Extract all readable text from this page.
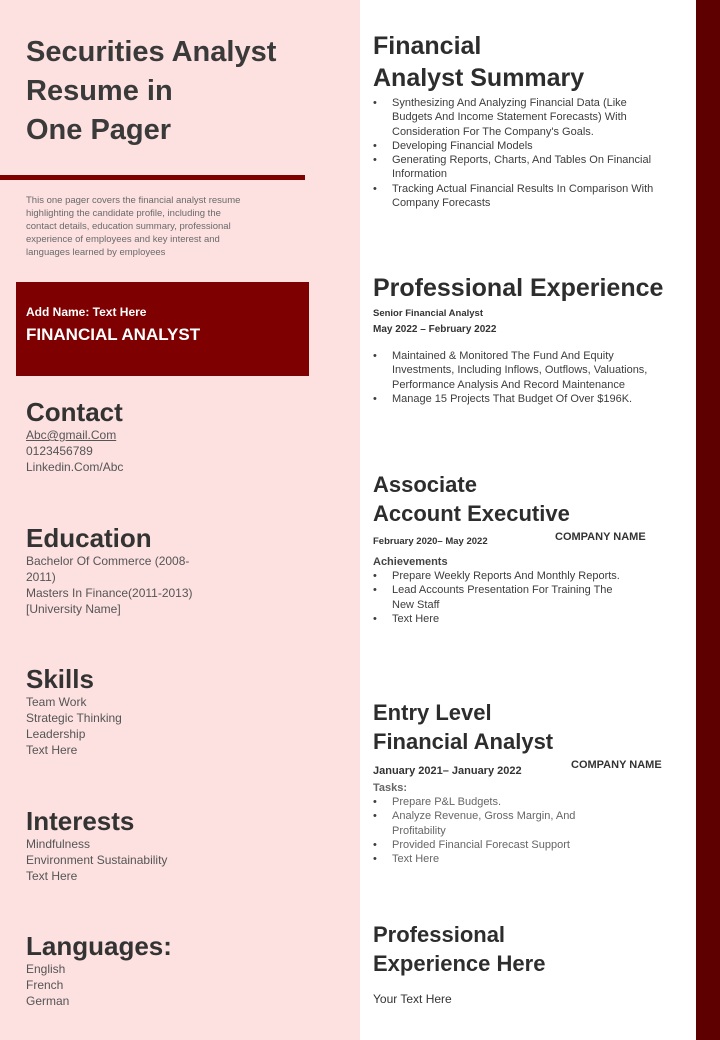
Securities Analyst
Resume in
One Pager
This one pager covers the financial analyst resume
highlighting the candidate profile, including the
contact details, education summary, professional
experience of employees and key interest and
languages learned by employees
Add Name: Text Here
FINANCIAL ANALYST
Contact
Abc@gmail.Com
0123456789
Linkedin.Com/Abc
Education
Bachelor Of Commerce (2008-
2011)
Masters In Finance(2011-2013)
[University Name]
Skills
Team Work
Strategic Thinking
Leadership
Text Here
Interests
Mindfulness
Environment Sustainability
Text Here
Languages:
English
French
German
Financial
Analyst Summary
• Synthesizing And Analyzing Financial Data (Like
Budgets And Income Statement Forecasts) With
Consideration For The Company's Goals.
• Developing Financial Models
• Generating Reports, Charts, And Tables On Financial
Information
• Tracking Actual Financial Results In Comparison With
Company Forecasts
Professional Experience
Senior Financial Analyst
May 2022 – February 2022
• Maintained & Monitored The Fund And Equity
Investments, Including Inflows, Outflows, Valuations,
Performance Analysis And Record Maintenance
• Manage 15 Projects That Budget Of Over $196K.
Associate
Account Executive
February 2020– May 2022	COMPANY NAME
Achievements
• Prepare Weekly Reports And Monthly Reports.
• Lead Accounts Presentation For Training The
New Staff
• Text Here
Entry Level
Financial Analyst
January 2021– January 2022	COMPANY NAME
Tasks:
• Prepare P&L Budgets.
• Analyze Revenue, Gross Margin, And
Profitability
• Provided Financial Forecast Support
• Text Here
Professional
Experience Here
Your Text Here
